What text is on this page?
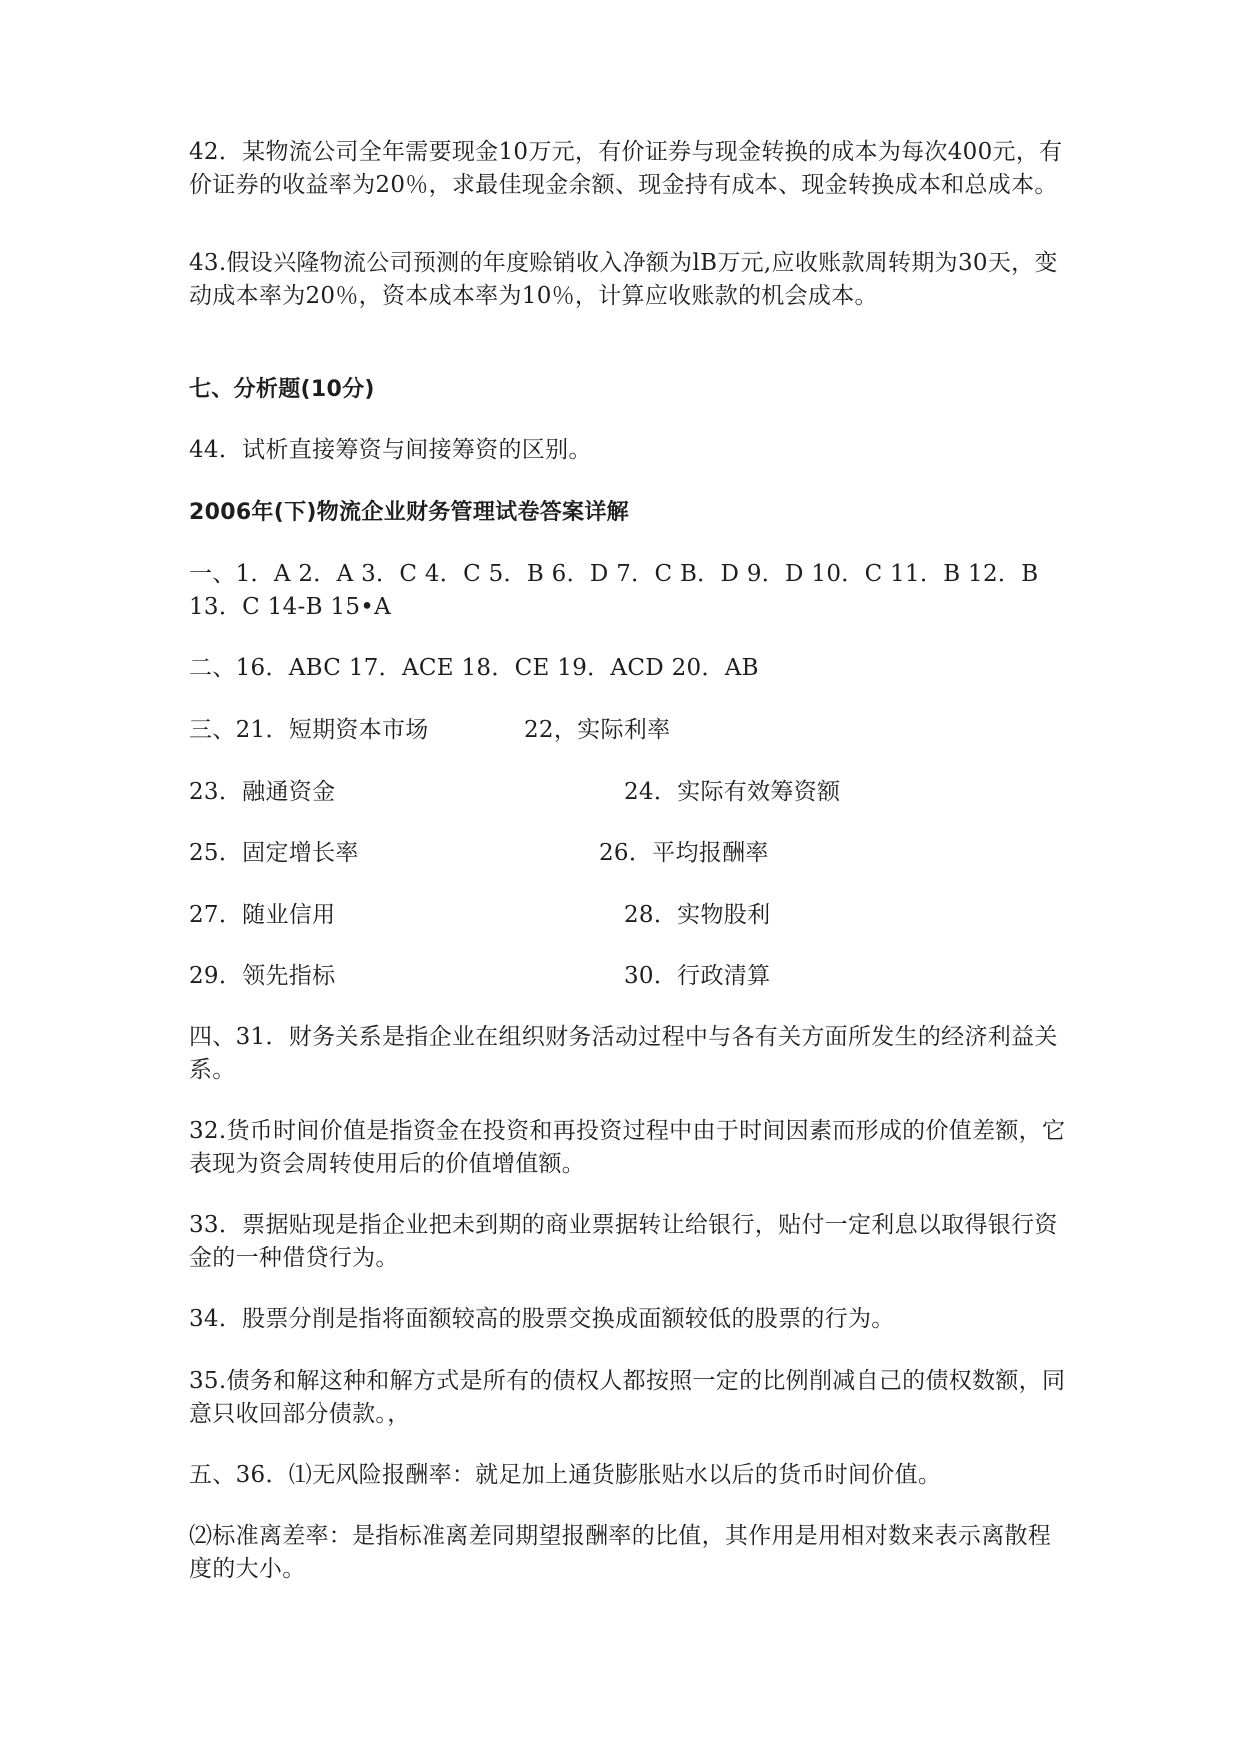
42．某物流公司全年需要现金10万元，有价证券与现金转换的成本为每次400元，有价证券的收益率为20％，求最佳现金余额、现金持有成本、现金转换成本和总成本。

43.假设兴隆物流公司预测的年度赊销收入净额为lB万元,应收账款周转期为30天，变动成本率为20％，资本成本率为10％，计算应收账款的机会成本。

七、分析题(10分)

44．试析直接筹资与间接筹资的区别。

2006年(下)物流企业财务管理试卷答案详解

一、1．A 2．A 3．C 4．C 5．B 6．D 7．C B．D 9．D 10．C 11．B 12．B 13．C 14-B 15•A

二、16．ABC 17．ACE 18．CE 19．ACD 20．AB

三、21．短期资本市场	22，实际利率

23．融通资金	24．实际有效筹资额

25．固定增长率	26．平均报酬率

27．随业信用	28．实物股利

29．领先指标	30．行政清算

四、31．财务关系是指企业在组织财务活动过程中与各有关方面所发生的经济利益关系。

32.货币时间价值是指资金在投资和再投资过程中由于时间因素而形成的价值差额，它表现为资会周转使用后的价值增值额。

33．票据贴现是指企业把未到期的商业票据转让给银行，贴付一定利息以取得银行资金的一种借贷行为。

34．股票分削是指将面额较高的股票交换成面额较低的股票的行为。

35.债务和解这种和解方式是所有的债权人都按照一定的比例削减自己的债权数额，同意只收回部分债款。，

五、36．⑴无风险报酬率：就足加上通货膨胀贴水以后的货币时间价值。

⑵标准离差率：是指标准离差同期望报酬率的比值，其作用是用相对数来表示离散程度的大小。
